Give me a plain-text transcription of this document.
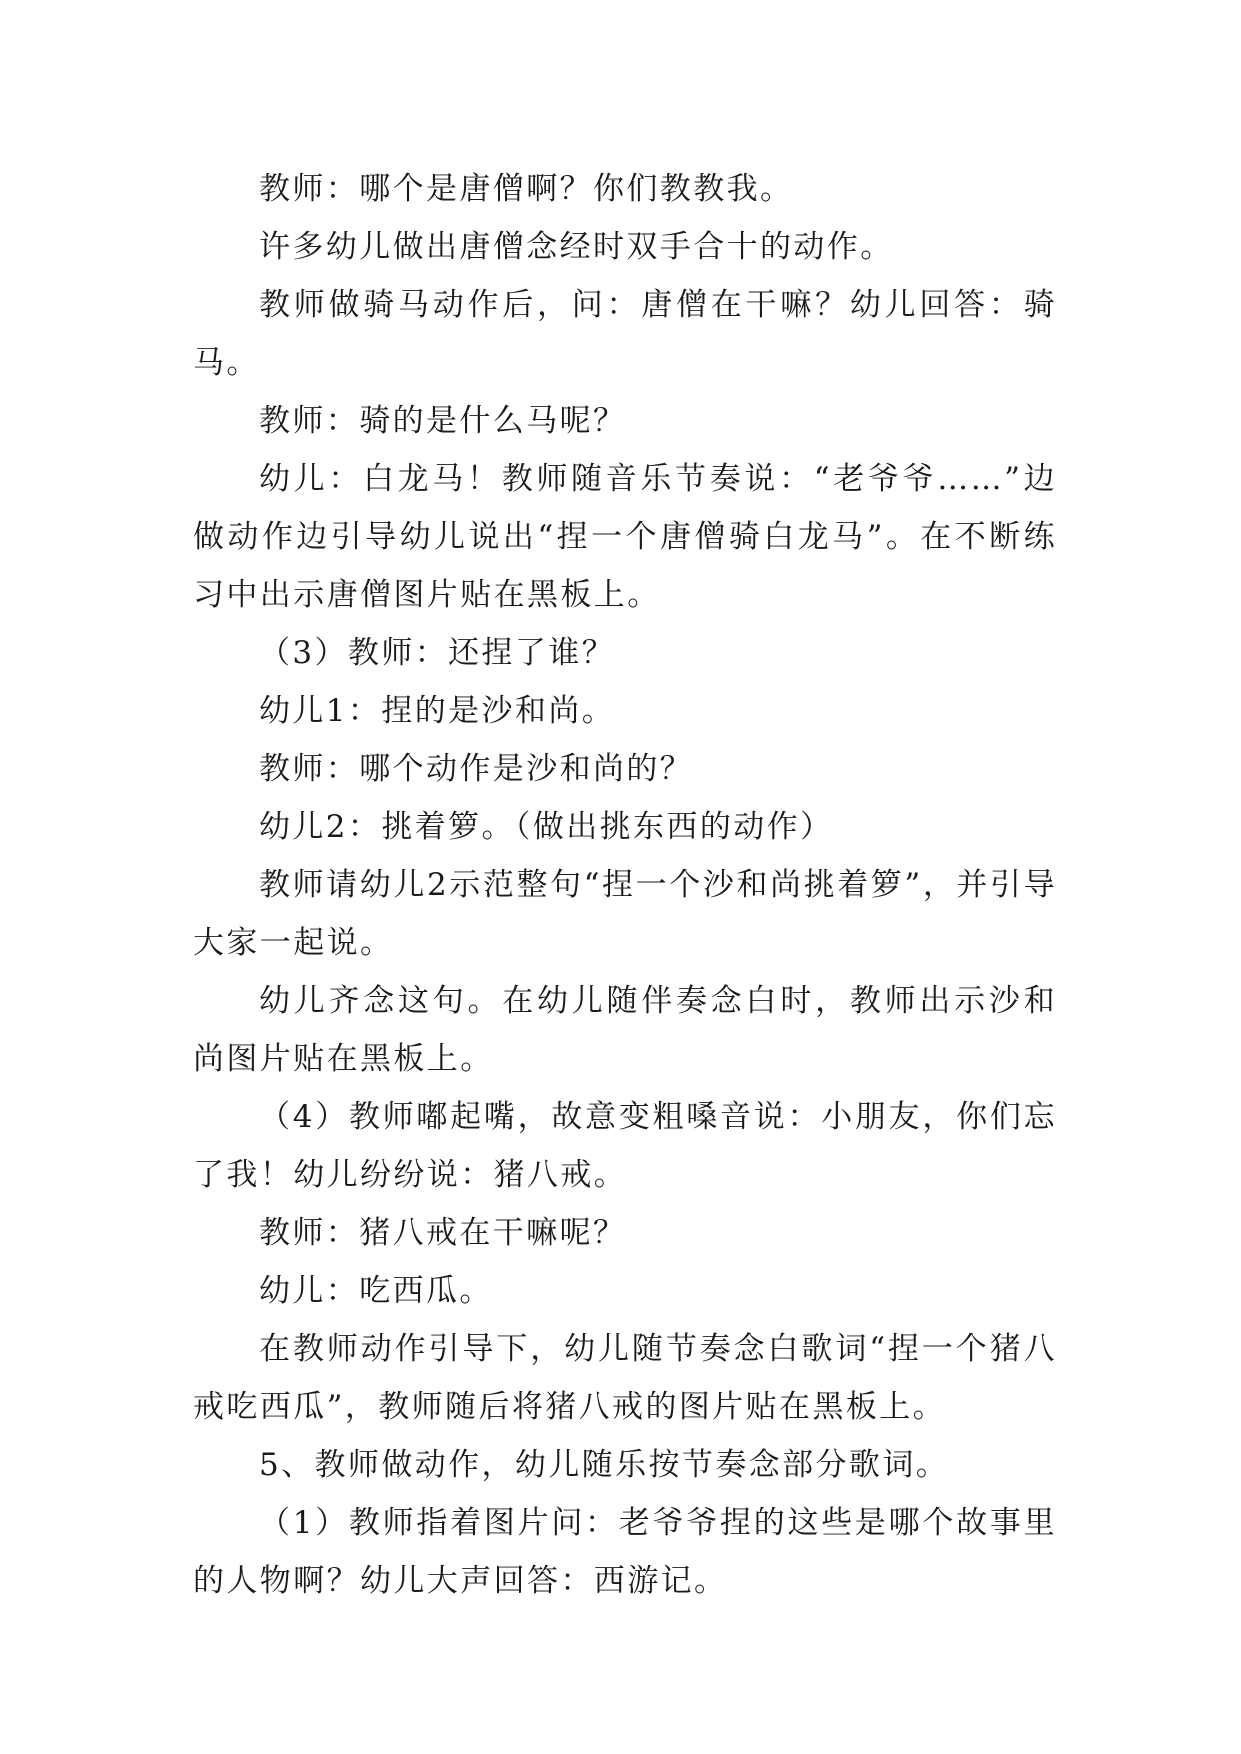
教师：哪个是唐僧啊？你们教教我。

许多幼儿做出唐僧念经时双手合十的动作。

教师做骑马动作后，问：唐僧在干嘛？幼儿回答：骑马。

教师：骑的是什么马呢？

幼儿：白龙马！教师随音乐节奏说：“老爷爷……”边做动作边引导幼儿说出“捏一个唐僧骑白龙马”。在不断练习中出示唐僧图片贴在黑板上。

（3）教师：还捏了谁？

幼儿1：捏的是沙和尚。

教师：哪个动作是沙和尚的？

幼儿2：挑着箩。（做出挑东西的动作）

教师请幼儿2示范整句“捏一个沙和尚挑着箩”，并引导大家一起说。

幼儿齐念这句。在幼儿随伴奏念白时，教师出示沙和尚图片贴在黑板上。

（4）教师嘟起嘴，故意变粗嗓音说：小朋友，你们忘了我！幼儿纷纷说：猪八戒。

教师：猪八戒在干嘛呢？

幼儿：吃西瓜。

在教师动作引导下，幼儿随节奏念白歌词“捏一个猪八戒吃西瓜”，教师随后将猪八戒的图片贴在黑板上。

5、教师做动作，幼儿随乐按节奏念部分歌词。

（1）教师指着图片问：老爷爷捏的这些是哪个故事里的人物啊？幼儿大声回答：西游记。
